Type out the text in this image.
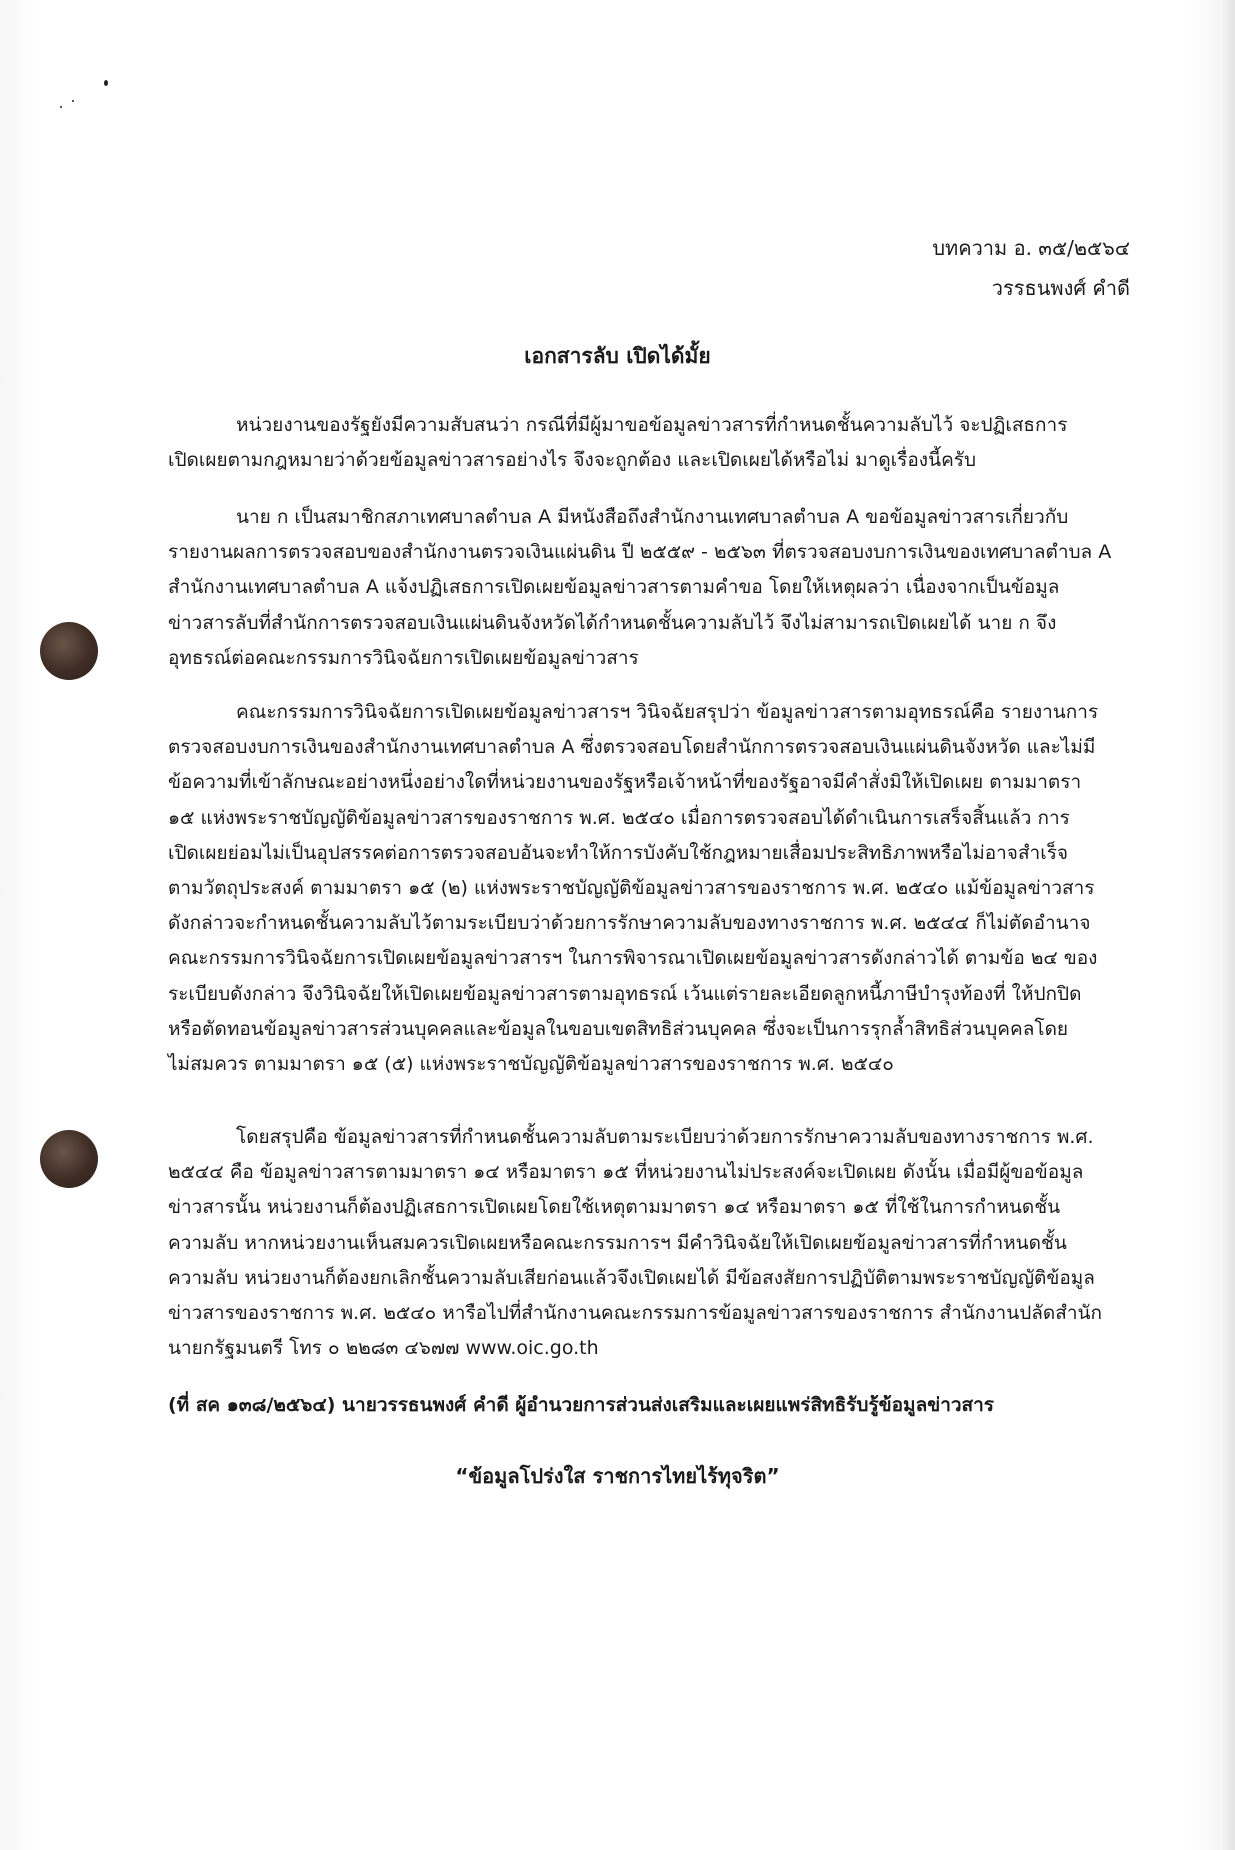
บทความ อ. ๓๕/๒๕๖๔
วรรธนพงศ์ คำดี
เอกสารลับ เปิดได้มั้ย
หน่วยงานของรัฐยังมีความสับสนว่า กรณีที่มีผู้มาขอข้อมูลข่าวสารที่กำหนดชั้นความลับไว้ จะปฏิเสธการ
เปิดเผยตามกฎหมายว่าด้วยข้อมูลข่าวสารอย่างไร จึงจะถูกต้อง และเปิดเผยได้หรือไม่ มาดูเรื่องนี้ครับ
นาย ก เป็นสมาชิกสภาเทศบาลตำบล A มีหนังสือถึงสำนักงานเทศบาลตำบล A ขอข้อมูลข่าวสารเกี่ยวกับ
รายงานผลการตรวจสอบของสำนักงานตรวจเงินแผ่นดิน ปี ๒๕๕๙ - ๒๕๖๓ ที่ตรวจสอบงบการเงินของเทศบาลตำบล A
สำนักงานเทศบาลตำบล A แจ้งปฏิเสธการเปิดเผยข้อมูลข่าวสารตามคำขอ โดยให้เหตุผลว่า เนื่องจากเป็นข้อมูล
ข่าวสารลับที่สำนักการตรวจสอบเงินแผ่นดินจังหวัดได้กำหนดชั้นความลับไว้ จึงไม่สามารถเปิดเผยได้ นาย ก จึง
อุทธรณ์ต่อคณะกรรมการวินิจฉัยการเปิดเผยข้อมูลข่าวสาร
คณะกรรมการวินิจฉัยการเปิดเผยข้อมูลข่าวสารฯ วินิจฉัยสรุปว่า ข้อมูลข่าวสารตามอุทธรณ์คือ รายงานการ
ตรวจสอบงบการเงินของสำนักงานเทศบาลตำบล A ซึ่งตรวจสอบโดยสำนักการตรวจสอบเงินแผ่นดินจังหวัด และไม่มี
ข้อความที่เข้าลักษณะอย่างหนึ่งอย่างใดที่หน่วยงานของรัฐหรือเจ้าหน้าที่ของรัฐอาจมีคำสั่งมิให้เปิดเผย ตามมาตรา
๑๕ แห่งพระราชบัญญัติข้อมูลข่าวสารของราชการ พ.ศ. ๒๕๔๐ เมื่อการตรวจสอบได้ดำเนินการเสร็จสิ้นแล้ว การ
เปิดเผยย่อมไม่เป็นอุปสรรคต่อการตรวจสอบอันจะทำให้การบังคับใช้กฎหมายเสื่อมประสิทธิภาพหรือไม่อาจสำเร็จ
ตามวัตถุประสงค์ ตามมาตรา ๑๕ (๒) แห่งพระราชบัญญัติข้อมูลข่าวสารของราชการ พ.ศ. ๒๕๔๐ แม้ข้อมูลข่าวสาร
ดังกล่าวจะกำหนดชั้นความลับไว้ตามระเบียบว่าด้วยการรักษาความลับของทางราชการ พ.ศ. ๒๕๔๔ ก็ไม่ตัดอำนาจ
คณะกรรมการวินิจฉัยการเปิดเผยข้อมูลข่าวสารฯ ในการพิจารณาเปิดเผยข้อมูลข่าวสารดังกล่าวได้ ตามข้อ ๒๔ ของ
ระเบียบดังกล่าว จึงวินิจฉัยให้เปิดเผยข้อมูลข่าวสารตามอุทธรณ์ เว้นแต่รายละเอียดลูกหนี้ภาษีบำรุงท้องที่ ให้ปกปิด
หรือตัดทอนข้อมูลข่าวสารส่วนบุคคลและข้อมูลในขอบเขตสิทธิส่วนบุคคล ซึ่งจะเป็นการรุกล้ำสิทธิส่วนบุคคลโดย
ไม่สมควร ตามมาตรา ๑๕ (๕) แห่งพระราชบัญญัติข้อมูลข่าวสารของราชการ พ.ศ. ๒๕๔๐
โดยสรุปคือ ข้อมูลข่าวสารที่กำหนดชั้นความลับตามระเบียบว่าด้วยการรักษาความลับของทางราชการ พ.ศ.
๒๕๔๔ คือ ข้อมูลข่าวสารตามมาตรา ๑๔ หรือมาตรา ๑๕ ที่หน่วยงานไม่ประสงค์จะเปิดเผย ดังนั้น เมื่อมีผู้ขอข้อมูล
ข่าวสารนั้น หน่วยงานก็ต้องปฏิเสธการเปิดเผยโดยใช้เหตุตามมาตรา ๑๔ หรือมาตรา ๑๕ ที่ใช้ในการกำหนดชั้น
ความลับ หากหน่วยงานเห็นสมควรเปิดเผยหรือคณะกรรมการฯ มีคำวินิจฉัยให้เปิดเผยข้อมูลข่าวสารที่กำหนดชั้น
ความลับ หน่วยงานก็ต้องยกเลิกชั้นความลับเสียก่อนแล้วจึงเปิดเผยได้ มีข้อสงสัยการปฏิบัติตามพระราชบัญญัติข้อมูล
ข่าวสารของราชการ พ.ศ. ๒๕๔๐ หารือไปที่สำนักงานคณะกรรมการข้อมูลข่าวสารของราชการ สำนักงานปลัดสำนัก
นายกรัฐมนตรี โทร ๐ ๒๒๘๓ ๔๖๗๗ www.oic.go.th
(ที่ สค ๑๓๘/๒๕๖๔) นายวรรธนพงศ์ คำดี ผู้อำนวยการส่วนส่งเสริมและเผยแพร่สิทธิรับรู้ข้อมูลข่าวสาร
“ข้อมูลโปร่งใส ราชการไทยไร้ทุจริต”
